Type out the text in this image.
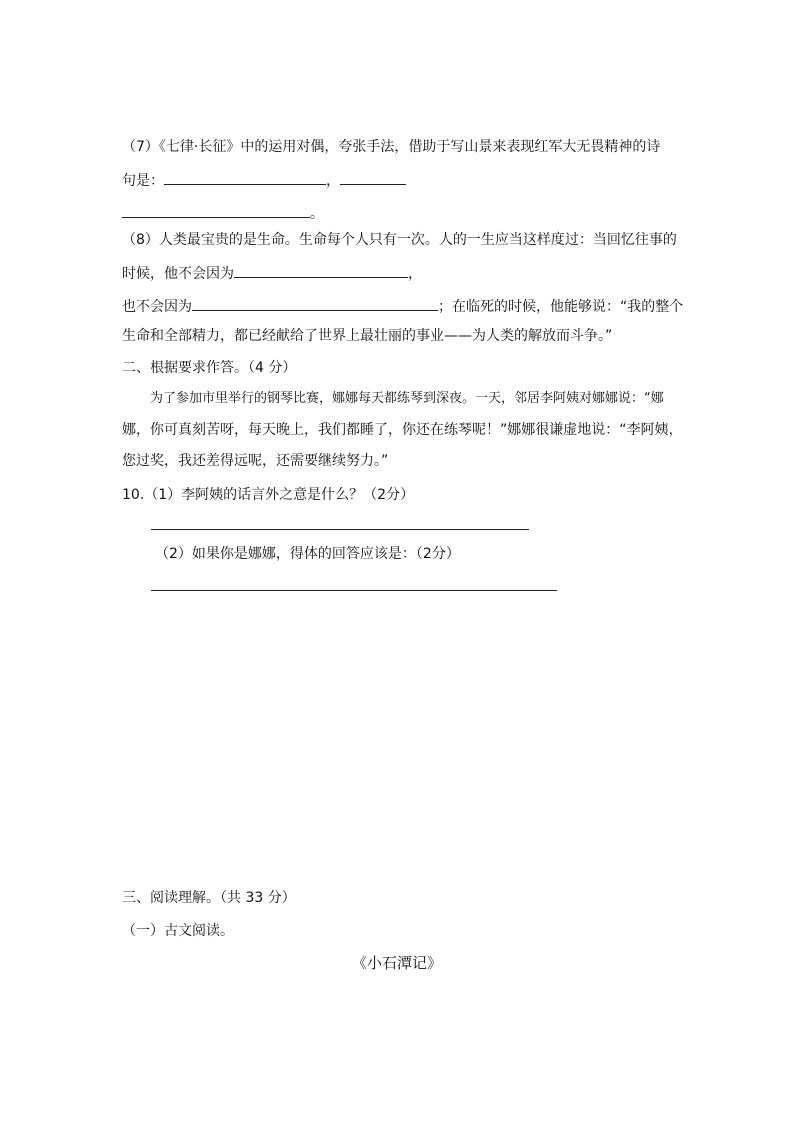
（7）《七律·长征》中的运用对偶，夸张手法，借助于写山景来表现红军大无畏精神的诗
句是：	，
。
（8）人类最宝贵的是生命。生命每个人只有一次。人的一生应当这样度过：当回忆往事的
时候，他不会因为	，
也不会因为	；在临死的时候，他能够说：“我的整个
生命和全部精力，都已经献给了世界上最壮丽的事业——为人类的解放而斗争。”
二、根据要求作答。（4 分）
为了参加市里举行的钢琴比赛，娜娜每天都练琴到深夜。一天，邻居李阿姨对娜娜说：“娜
娜，你可真刻苦呀，每天晚上，我们都睡了，你还在练琴呢！”娜娜很谦虚地说：“李阿姨，
您过奖，我还差得远呢，还需要继续努力。”
10.（1）李阿姨的话言外之意是什么？（2分）
（2）如果你是娜娜，得体的回答应该是：（2分）
三、阅读理解。（共 33 分）
（一）古文阅读。
《小石潭记》
